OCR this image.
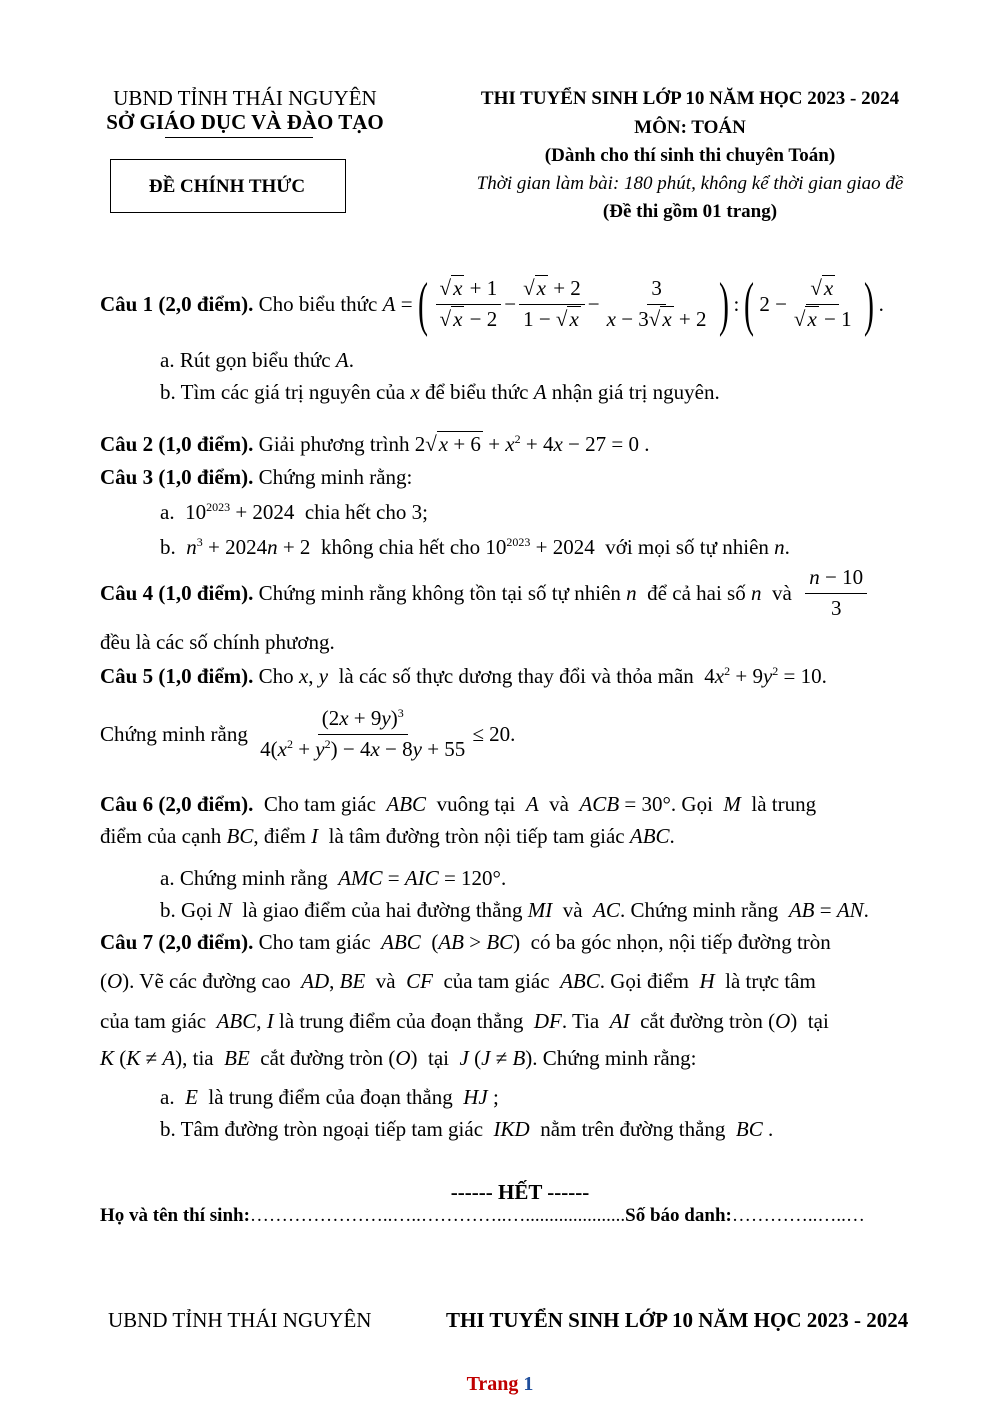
UBND TỈNH THÁI NGUYÊN
SỞ GIÁO DỤC VÀ ĐÀO TẠO
ĐỀ CHÍNH THỨC
THI TUYỂN SINH LỚP 10 NĂM HỌC 2023 - 2024
MÔN: TOÁN
(Dành cho thí sinh thi chuyên Toán)
Thời gian làm bài: 180 phút, không kể thời gian giao đề
(Đề thi gồm 01 trang)
Câu 1 (2,0 điểm).
Cho biểu thức
A = ( $\frac{√x + 1}{√x - 2} - \frac{√x + 2}{1 - √x} - \frac{3}{x - 3√x + 2}$ ) : ( $2 - \frac{√x}{√x - 1}$ ) .
a. Rút gọn biểu thức A.
b. Tìm các giá trị nguyên của x để biểu thức A nhận giá trị nguyên.
Câu 2 (1,0 điểm). Giải phương trình $2√x + 6 + x^2 + 4x - 27 = 0$ .
Câu 3 (1,0 điểm). Chứng minh rằng:
a.  $10^{2023} + 2024$  chia hết cho 3;
b.  $n^3 + 2024n + 2$  không chia hết cho $10^{2023} + 2024$  với mọi số tự nhiên n.
Câu 4 (1,0 điểm).
Chứng minh rằng không tồn tại số tự nhiên
n
để cả hai số
n
và
$\frac{n - 10}{3}$
đều là các số chính phương.
Câu 5 (1,0 điểm). Cho x, y là các số thực dương thay đổi và thỏa mãn  $4x^2 + 9y^2 = 10$.
Chứng minh rằng
$\frac{(2x + 9y)^3}{4(x^2 + y^2) - 4x - 8y + 55} \le 20$.
Câu 6 (2,0 điểm). Cho tam giác ABC vuông tại A và ACB = 30°. Gọi M là trung
điểm của cạnh BC, điểm I là tâm đường tròn nội tiếp tam giác ABC.
a. Chứng minh rằng AMC = AIC = 120°.
b. Gọi N là giao điểm của hai đường thẳng MI và AC. Chứng minh rằng AB = AN.
Câu 7 (2,0 điểm). Cho tam giác ABC  (AB > BC)  có ba góc nhọn, nội tiếp đường tròn
(O). Vẽ các đường cao AD, BE và CF của tam giác ABC. Gọi điểm H là trực tâm
của tam giác ABC, I là trung điểm của đoạn thẳng DF. Tia AI cắt đường tròn (O)  tại
K (K ≠ A), tia BE cắt đường tròn (O)  tại J (J ≠ B). Chứng minh rằng:
a. E là trung điểm của đoạn thẳng HJ ;
b. Tâm đường tròn ngoại tiếp tam giác IKD nằm trên đường thẳng BC .
------ HẾT ------
Họ và tên thí sinh:…………………..…..…………..….....................Số báo danh:…………..…..…
UBND TỈNH THÁI NGUYÊN	THI TUYỂN SINH LỚP 10 NĂM HỌC 2023 - 2024
Trang 1
